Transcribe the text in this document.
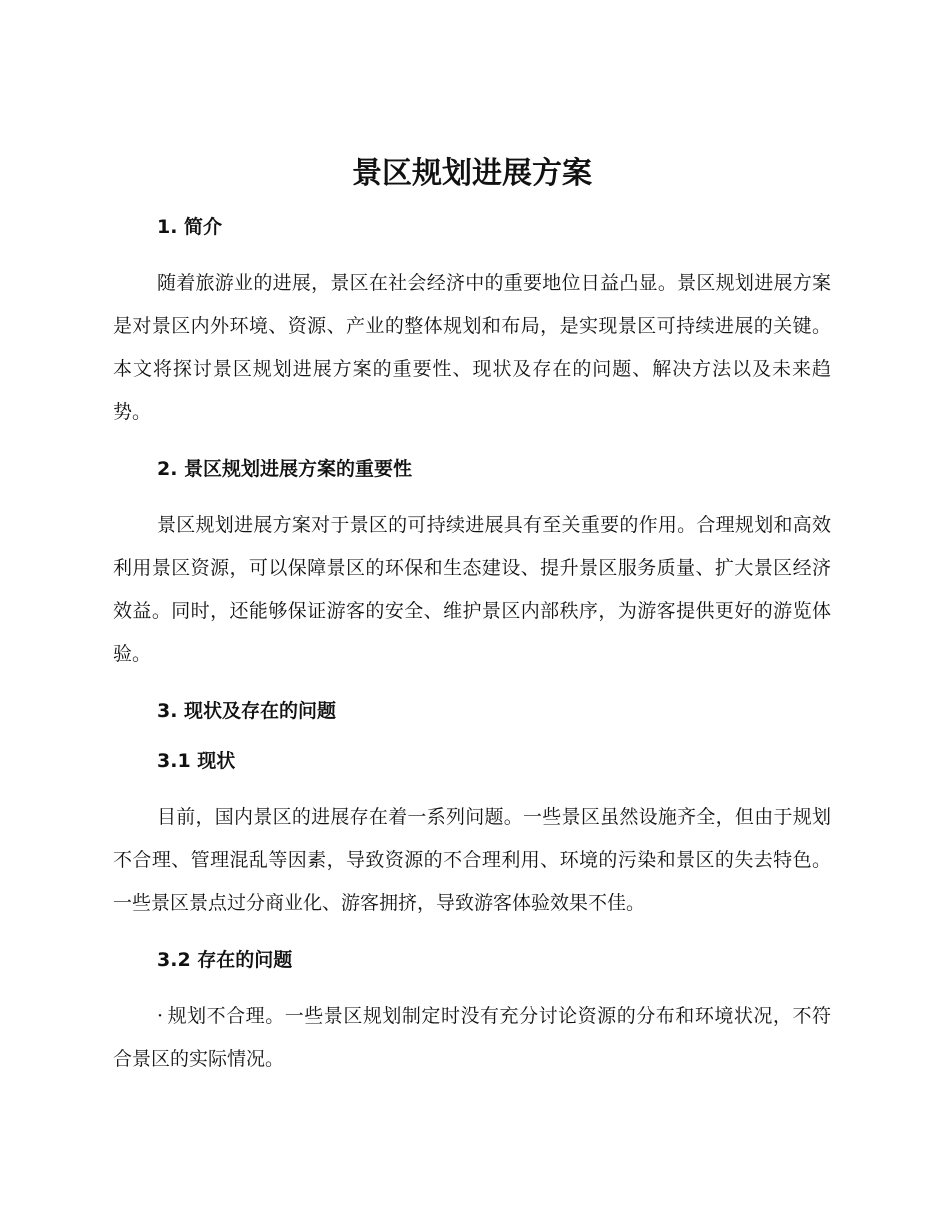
景区规划进展方案
1. 简介

随着旅游业的进展，景区在社会经济中的重要地位日益凸显。景区规划进展方案是对景区内外环境、资源、产业的整体规划和布局，是实现景区可持续进展的关键。本文将探讨景区规划进展方案的重要性、现状及存在的问题、解决方法以及未来趋势。

2. 景区规划进展方案的重要性

景区规划进展方案对于景区的可持续进展具有至关重要的作用。合理规划和高效利用景区资源，可以保障景区的环保和生态建设、提升景区服务质量、扩大景区经济效益。同时，还能够保证游客的安全、维护景区内部秩序，为游客提供更好的游览体验。

3. 现状及存在的问题
3.1 现状

目前，国内景区的进展存在着一系列问题。一些景区虽然设施齐全，但由于规划不合理、管理混乱等因素，导致资源的不合理利用、环境的污染和景区的失去特色。一些景区景点过分商业化、游客拥挤，导致游客体验效果不佳。

3.2 存在的问题

· 规划不合理。一些景区规划制定时没有充分讨论资源的分布和环境状况，不符合景区的实际情况。
